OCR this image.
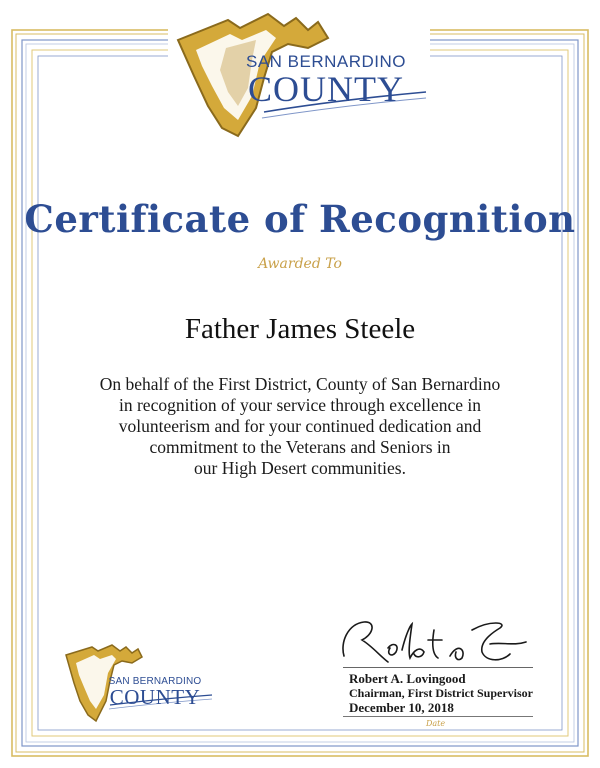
SAN BERNARDINO
COUNTY
Certificate of Recognition
Awarded To
Father James Steele
On behalf of the First District, County of San Bernardino
in recognition of your service through excellence in
volunteerism and for your continued dedication and
commitment to the Veterans and Seniors in
our High Desert communities.
Robert A. Lovingood
Chairman, First District Supervisor
December 10, 2018
Date
SAN BERNARDINO
COUNTY
